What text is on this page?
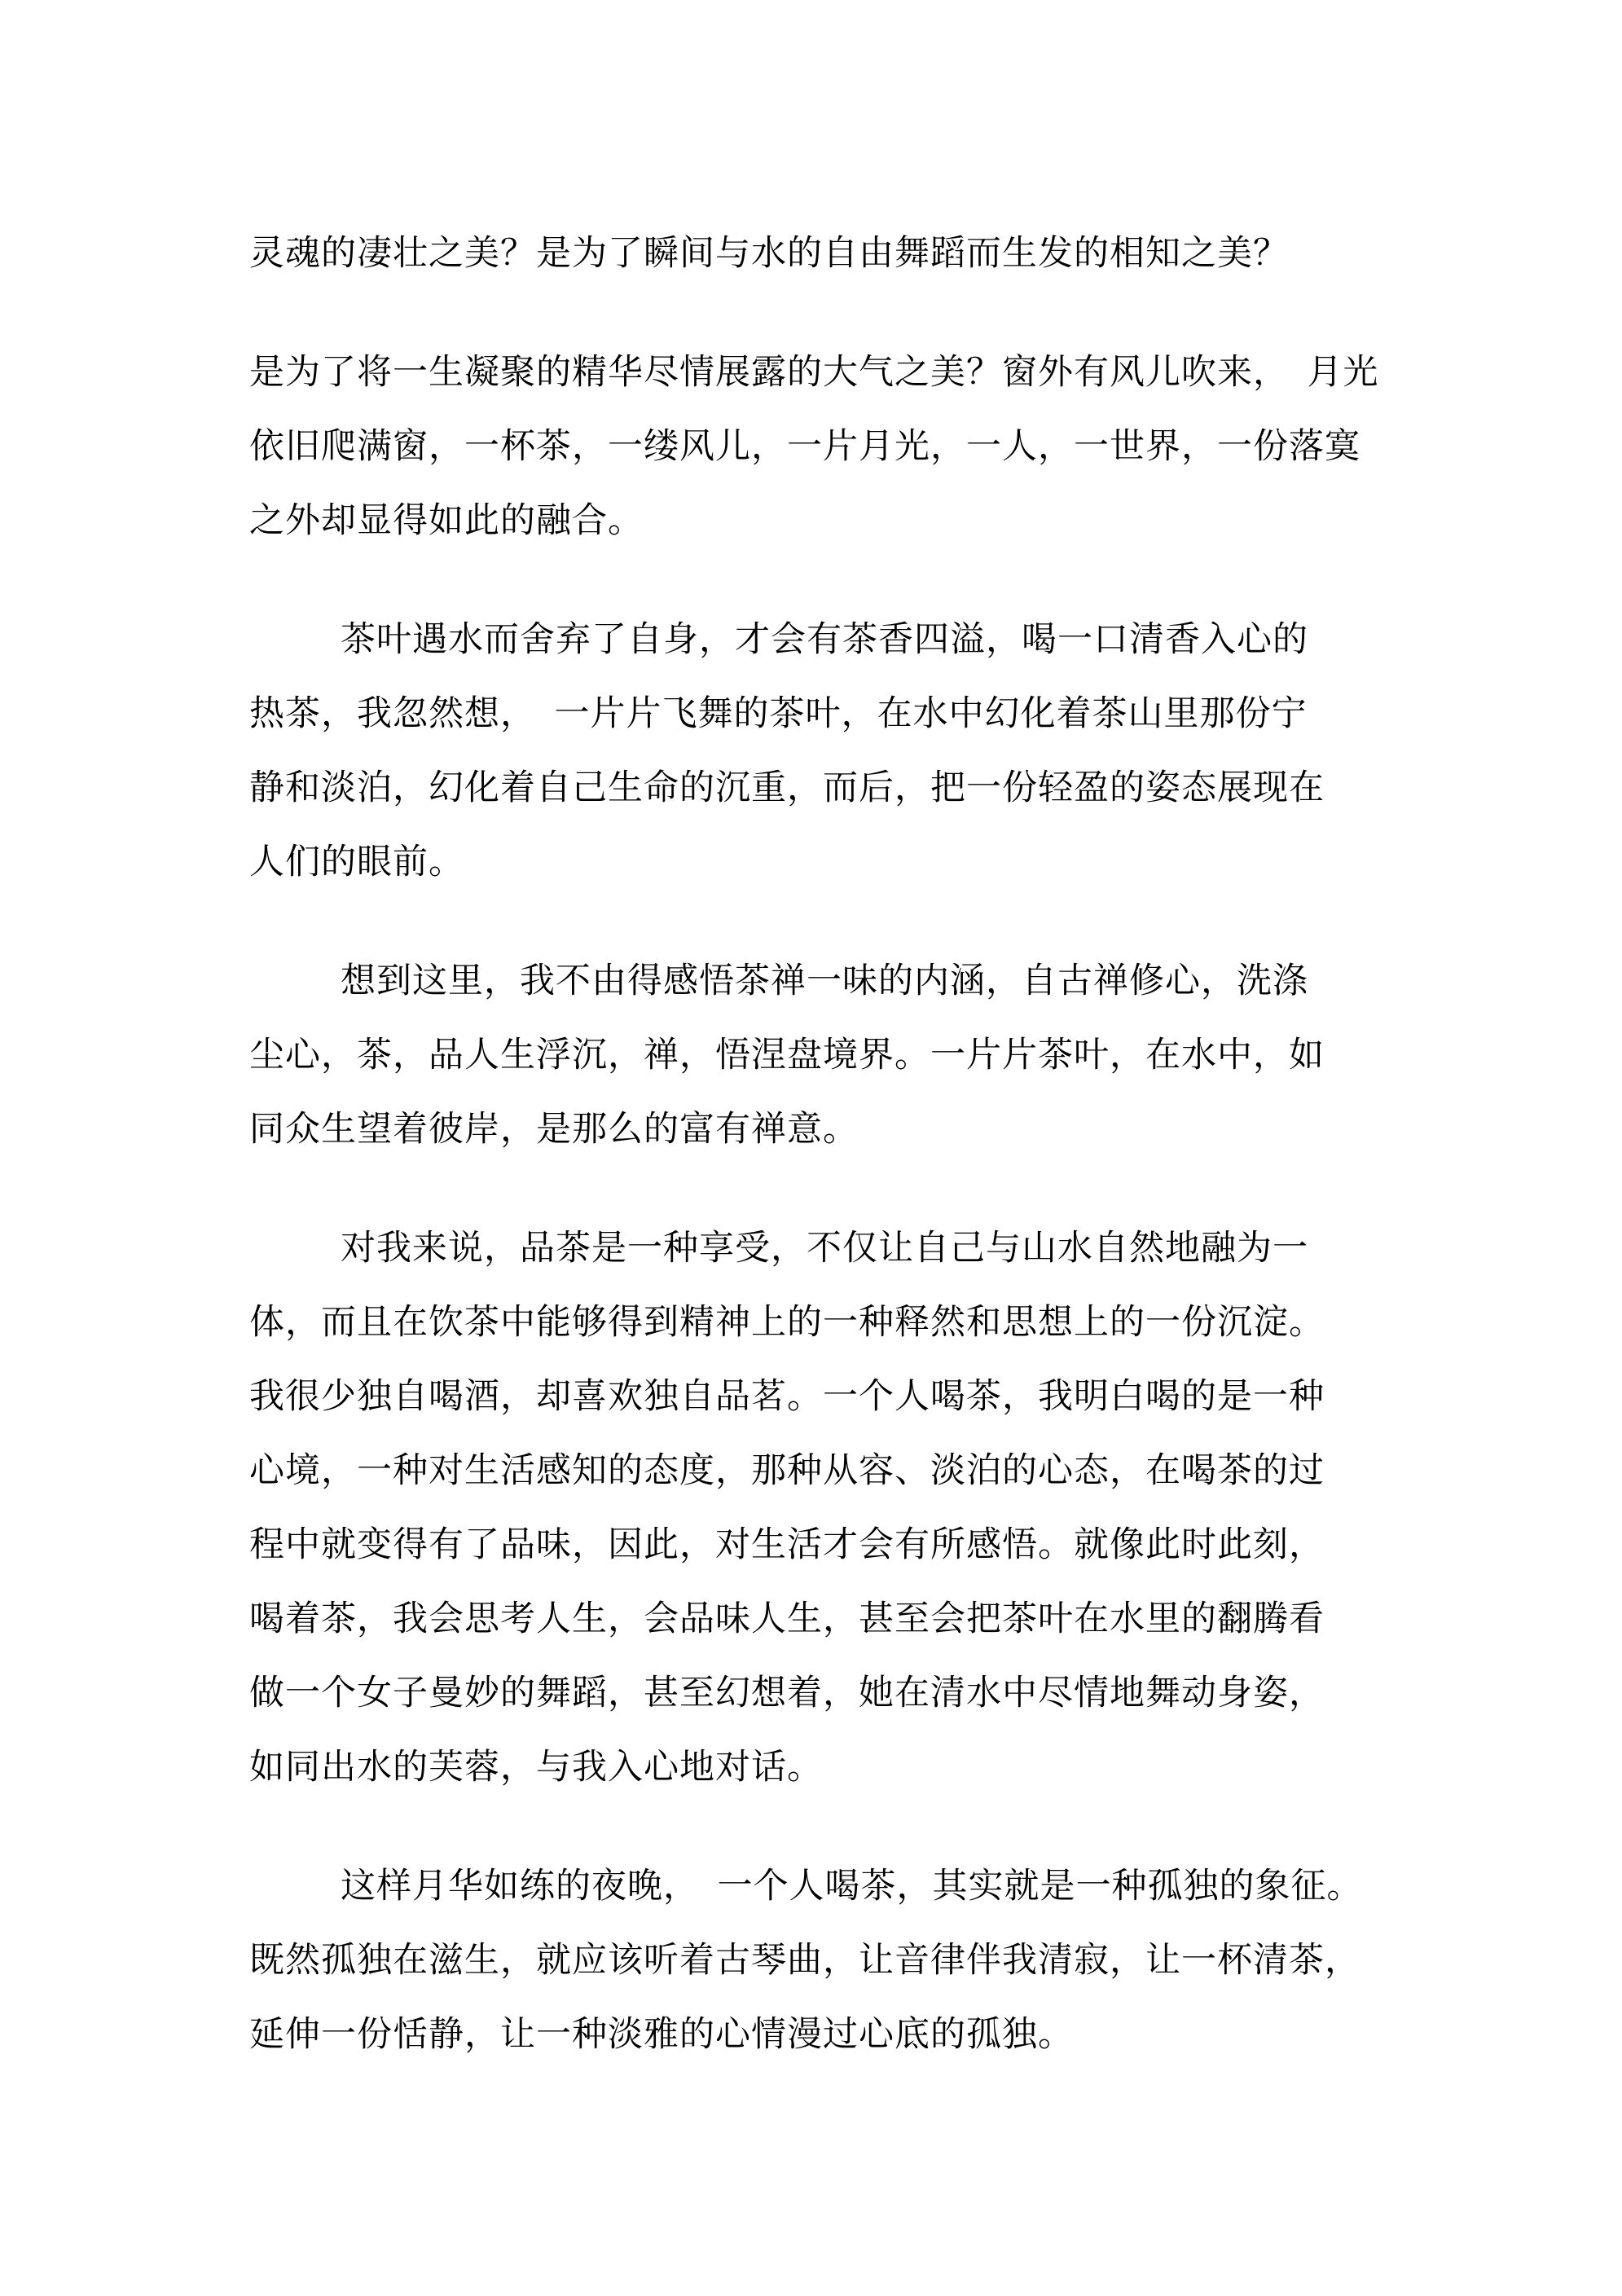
灵魂的凄壮之美？是为了瞬间与水的自由舞蹈而生发的相知之美？
是为了将一生凝聚的精华尽情展露的大气之美？窗外有风儿吹来，　月光
依旧爬满窗，一杯茶，一缕风儿，一片月光，一人，一世界，一份落寞
之外却显得如此的融合。
茶叶遇水而舍弃了自身，才会有茶香四溢，喝一口清香入心的
热茶，我忽然想，　一片片飞舞的茶叶，在水中幻化着茶山里那份宁
静和淡泊，幻化着自己生命的沉重，而后，把一份轻盈的姿态展现在
人们的眼前。
想到这里，我不由得感悟茶禅一味的内涵，自古禅修心，洗涤
尘心，茶，品人生浮沉，禅，悟涅盘境界。一片片茶叶，在水中，如
同众生望着彼岸，是那么的富有禅意。
对我来说，品茶是一种享受，不仅让自己与山水自然地融为一
体，而且在饮茶中能够得到精神上的一种释然和思想上的一份沉淀。
我很少独自喝酒，却喜欢独自品茗。一个人喝茶，我明白喝的是一种
心境，一种对生活感知的态度，那种从容、淡泊的心态，在喝茶的过
程中就变得有了品味，因此，对生活才会有所感悟。就像此时此刻，
喝着茶，我会思考人生，会品味人生，甚至会把茶叶在水里的翻腾看
做一个女子曼妙的舞蹈，甚至幻想着，她在清水中尽情地舞动身姿，
如同出水的芙蓉，与我入心地对话。
这样月华如练的夜晚，　一个人喝茶，其实就是一种孤独的象征。
既然孤独在滋生，就应该听着古琴曲，让音律伴我清寂，让一杯清茶，
延伸一份恬静，让一种淡雅的心情漫过心底的孤独。
